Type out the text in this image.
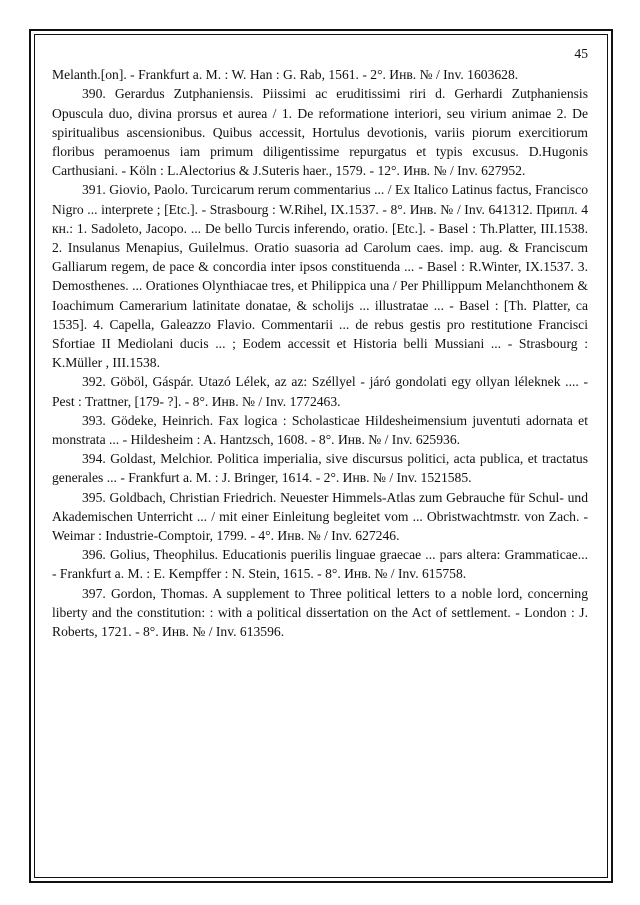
45

Melanth.[on]. - Frankfurt a. M. : W. Han : G. Rab, 1561. - 2°. Инв. № / Inv. 1603628.

390. Gerardus Zutphaniensis. Piissimi ac eruditissimi riri d. Gerhardi Zutphaniensis Opuscula duo, divina prorsus et aurea / 1. De reformatione interiori, seu virium animae 2. De spiritualibus ascensionibus. Quibus accessit, Hortulus devotionis, variis piorum exercitiorum floribus peramoenus iam primum diligentissime repurgatus et typis excusus. D.Hugonis Carthusiani. - Köln : L.Alectorius & J.Suteris haer., 1579. - 12°. Инв. № / Inv. 627952.

391. Giovio, Paolo. Turcicarum rerum commentarius ... / Ex Italico Latinus factus, Francisco Nigro ... interprete ; [Etc.]. - Strasbourg : W.Rihel, IX.1537. - 8°. Инв. № / Inv. 641312. Припл. 4 кн.: 1. Sadoleto, Jacopo. ... De bello Turcis inferendo, oratio. [Etc.]. - Basel : Th.Platter, III.1538. 2. Insulanus Menapius, Guilelmus. Oratio suasoria ad Carolum caes. imp. aug. & Franciscum Galliarum regem, de pace & concordia inter ipsos constituenda ... - Basel : R.Winter, IX.1537. 3. Demosthenes. ... Orationes Olynthiacae tres, et Philippica una / Per Phillippum Melanchthonem & Ioachimum Camerarium latinitate donatae, & scholijs ... illustratae ... - Basel : [Th. Platter, ca 1535]. 4. Capella, Galeazzo Flavio. Commentarii ... de rebus gestis pro restitutione Francisci Sfortiae II Mediolani ducis ... ; Eodem accessit et Historia belli Mussiani ... - Strasbourg : K.Müller , III.1538.

392. Göböl, Gáspár. Utazó Lélek, az az: Széllyel - járó gondolati egy ollyan léleknek .... - Pest : Trattner, [179- ?]. - 8°. Инв. № / Inv. 1772463.

393. Gödeke, Heinrich. Fax logica : Scholasticae Hildesheimensium juventuti adornata et monstrata ... - Hildesheim : A. Hantzsch, 1608. - 8°. Инв. № / Inv. 625936.

394. Goldast, Melchior. Politica imperialia, sive discursus politici, acta publica, et tractatus generales ... - Frankfurt a. M. : J. Bringer, 1614. - 2°. Инв. № / Inv. 1521585.

395. Goldbach, Christian Friedrich. Neuester Himmels-Atlas zum Gebrauche für Schul- und Akademischen Unterricht ... / mit einer Einleitung begleitet vom ... Obristwachtmstr. von Zach. - Weimar : Industrie-Comptoir, 1799. - 4°. Инв. № / Inv. 627246.

396. Golius, Theophilus. Educationis puerilis linguae graecae ... pars altera: Grammaticae... - Frankfurt a. M. : E. Kempffer : N. Stein, 1615. - 8°. Инв. № / Inv. 615758.

397. Gordon, Thomas. A supplement to Three political letters to a noble lord, concerning liberty and the constitution: : with a political dissertation on the Act of settlement. - London : J. Roberts, 1721. - 8°. Инв. № / Inv. 613596.
